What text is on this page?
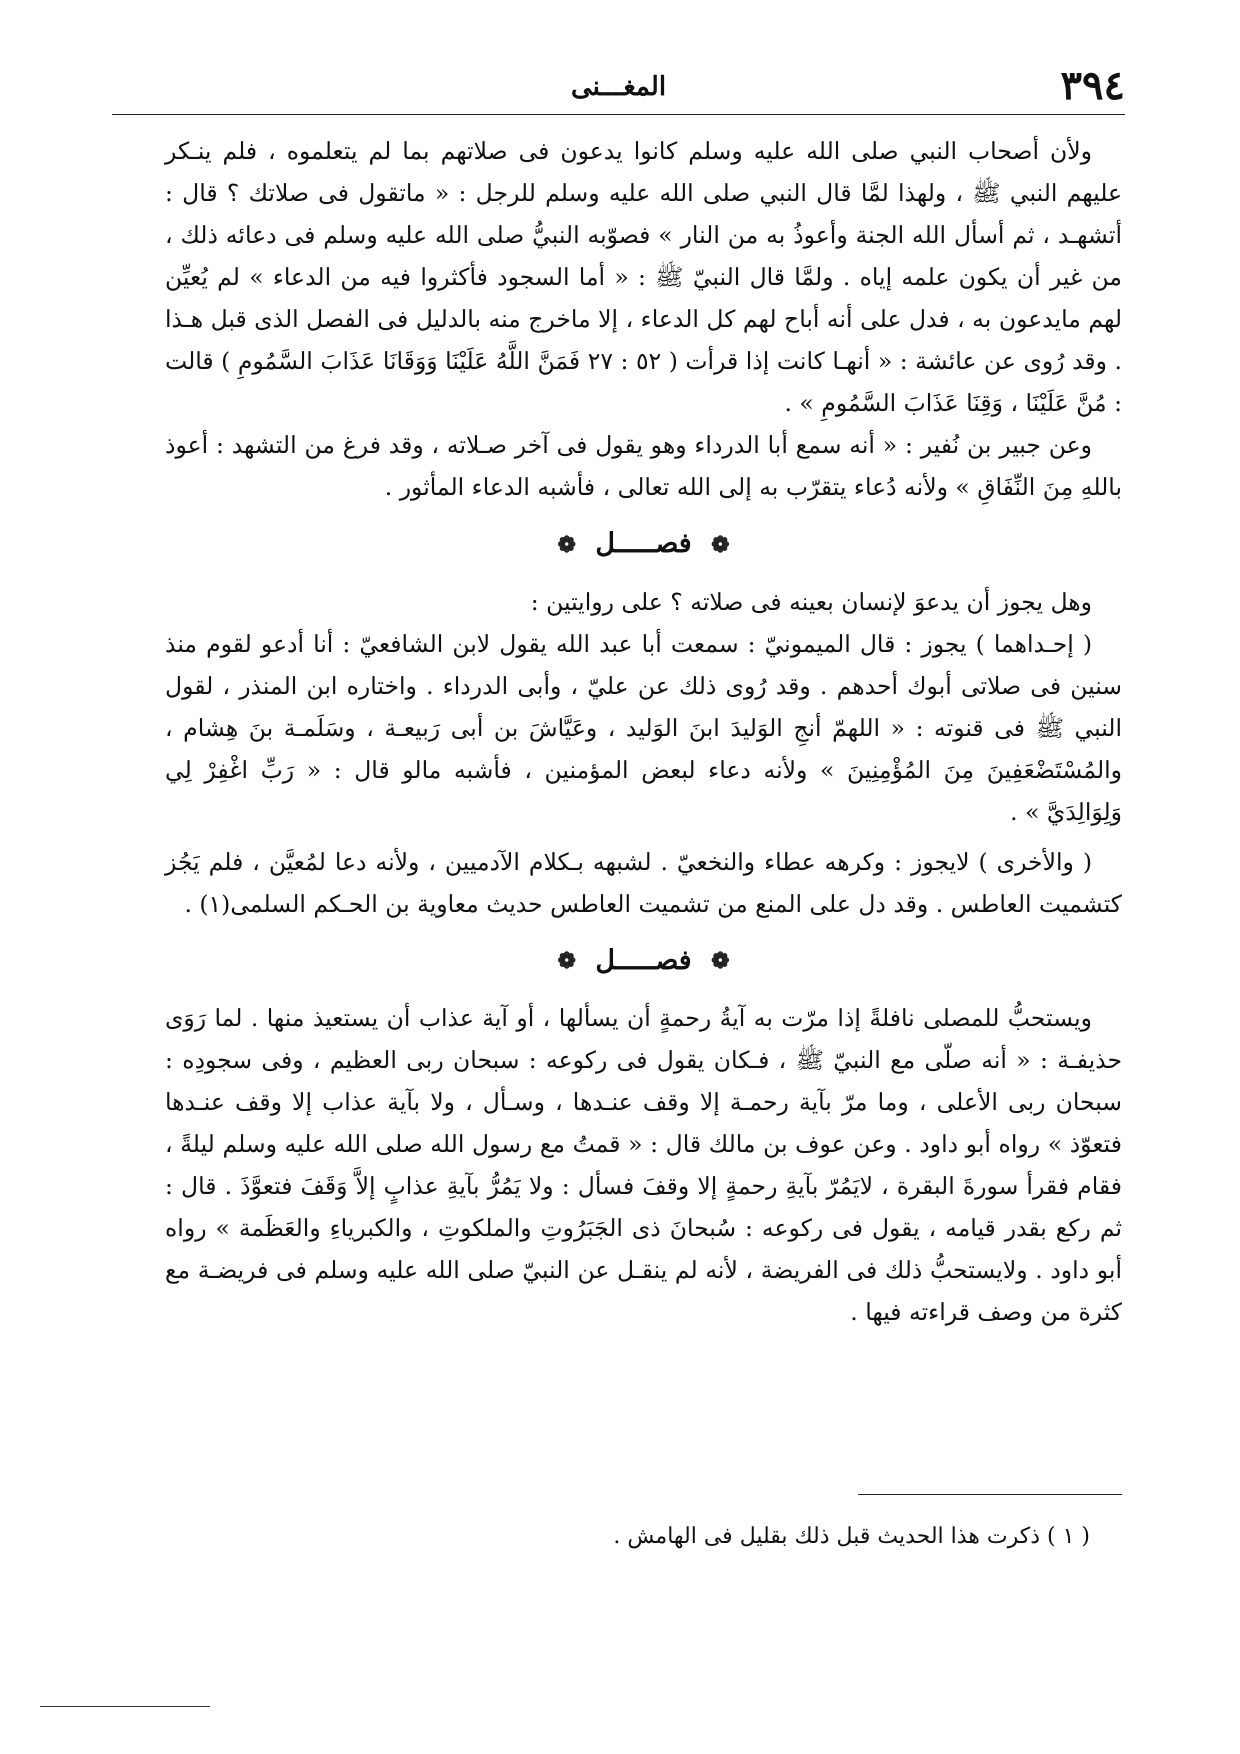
٣٩٤
المغـــنى

ولأن أصحاب النبي صلى الله عليه وسلم كانوا يدعون فى صلاتهم بما لم يتعلموه ، فلم ينـكر عليهم النبي ﷺ ، ولهذا لمَّا قال النبي صلى الله عليه وسلم للرجل : « ماتقول فى صلاتك ؟ قال : أتشهـد ، ثم أسأل الله الجنة وأعوذُ به من النار » فصوّبه النبيُّ صلى الله عليه وسلم فى دعائه ذلك ، من غير أن يكون علمه إياه . ولمَّا قال النبيّ ﷺ : « أما السجود فأكثروا فيه من الدعاء » لم يُعيِّن لهم مايدعون به ، فدل على أنه أباح لهم كل الدعاء ، إلا ماخرج منه بالدليل فى الفصل الذى قبل هـذا . وقد رُوى عن عائشة : « أنهـا كانت إذا قرأت ( ٥٢ : ٢٧ فَمَنَّ اللَّهُ عَلَيْنَا وَوَقَانَا عَذَابَ السَّمُومِ ) قالت : مُنَّ عَلَيْنَا ، وَقِنَا عَذَابَ السَّمُومِ » .

وعن جبير بن نُفير : « أنه سمع أبا الدرداء وهو يقول فى آخر صـلاته ، وقد فرغ من التشهد : أعوذ باللهِ مِنَ النِّفَاقِ » ولأنه دُعاء يتقرّب به إلى الله تعالى ، فأشبه الدعاء المأثور .

❁ فصـــــل ❁

وهل يجوز أن يدعوَ لإنسان بعينه فى صلاته ؟ على روايتين :

( إحـداهما ) يجوز : قال الميمونيّ : سمعت أبا عبد الله يقول لابن الشافعيّ : أنا أدعو لقوم منذ سنين فى صلاتى أبوك أحدهم . وقد رُوى ذلك عن عليّ ، وأبى الدرداء . واختاره ابن المنذر ، لقول النبي ﷺ فى قنوته : « اللهمّ أنجِ الوَليدَ ابنَ الوَليد ، وعَيَّاشَ بن أبى رَبيعـة ، وسَلَمـة بنَ هِشام ، والمُسْتَضْعَفِينَ مِنَ المُؤْمِنِينَ » ولأنه دعاء لبعض المؤمنين ، فأشبه مالو قال : « رَبِّ اغْفِرْ لِي وَلِوَالِدَيَّ » .

( والأخرى ) لايجوز : وكرهه عطاء والنخعيّ . لشبهه بـكلام الآدميين ، ولأنه دعا لمُعيَّن ، فلم يَجُز كتشميت العاطس . وقد دل على المنع من تشميت العاطس حديث معاوية بن الحـكم السلمى(١) .

❁ فصـــــل ❁

ويستحبُّ للمصلى نافلةً إذا مرّت به آيةُ رحمةٍ أن يسألها ، أو آية عذاب أن يستعيذ منها . لما رَوَى حذيفـة : « أنه صلّى مع النبيّ ﷺ ، فـكان يقول فى ركوعه : سبحان ربى العظيم ، وفى سجودِه : سبحان ربى الأعلى ، وما مرّ بآية رحمـة إلا وقف عنـدها ، وسـأل ، ولا بآية عذاب إلا وقف عنـدها فتعوّذ » رواه أبو داود . وعن عوف بن مالك قال : « قمتُ مع رسول الله صلى الله عليه وسلم ليلةً ، فقام فقرأ سورةَ البقرة ، لايَمُرّ بآيةِ رحمةٍ إلا وقفَ فسأل : ولا يَمُرُّ بآيةِ عذابٍ إلاَّ وَقَفَ فتعوَّذَ . قال : ثم ركع بقدر قيامه ، يقول فى ركوعه : سُبحانَ ذى الجَبَرُوتِ والملكوتِ ، والكبرياءِ والعَظَمة » رواه أبو داود . ولايستحبُّ ذلك فى الفريضة ، لأنه لم ينقـل عن النبيّ صلى الله عليه وسلم فى فريضـة مع كثرة من وصف قراءته فيها .

( ١ ) ذكرت هذا الحديث قبل ذلك بقليل فى الهامش .
